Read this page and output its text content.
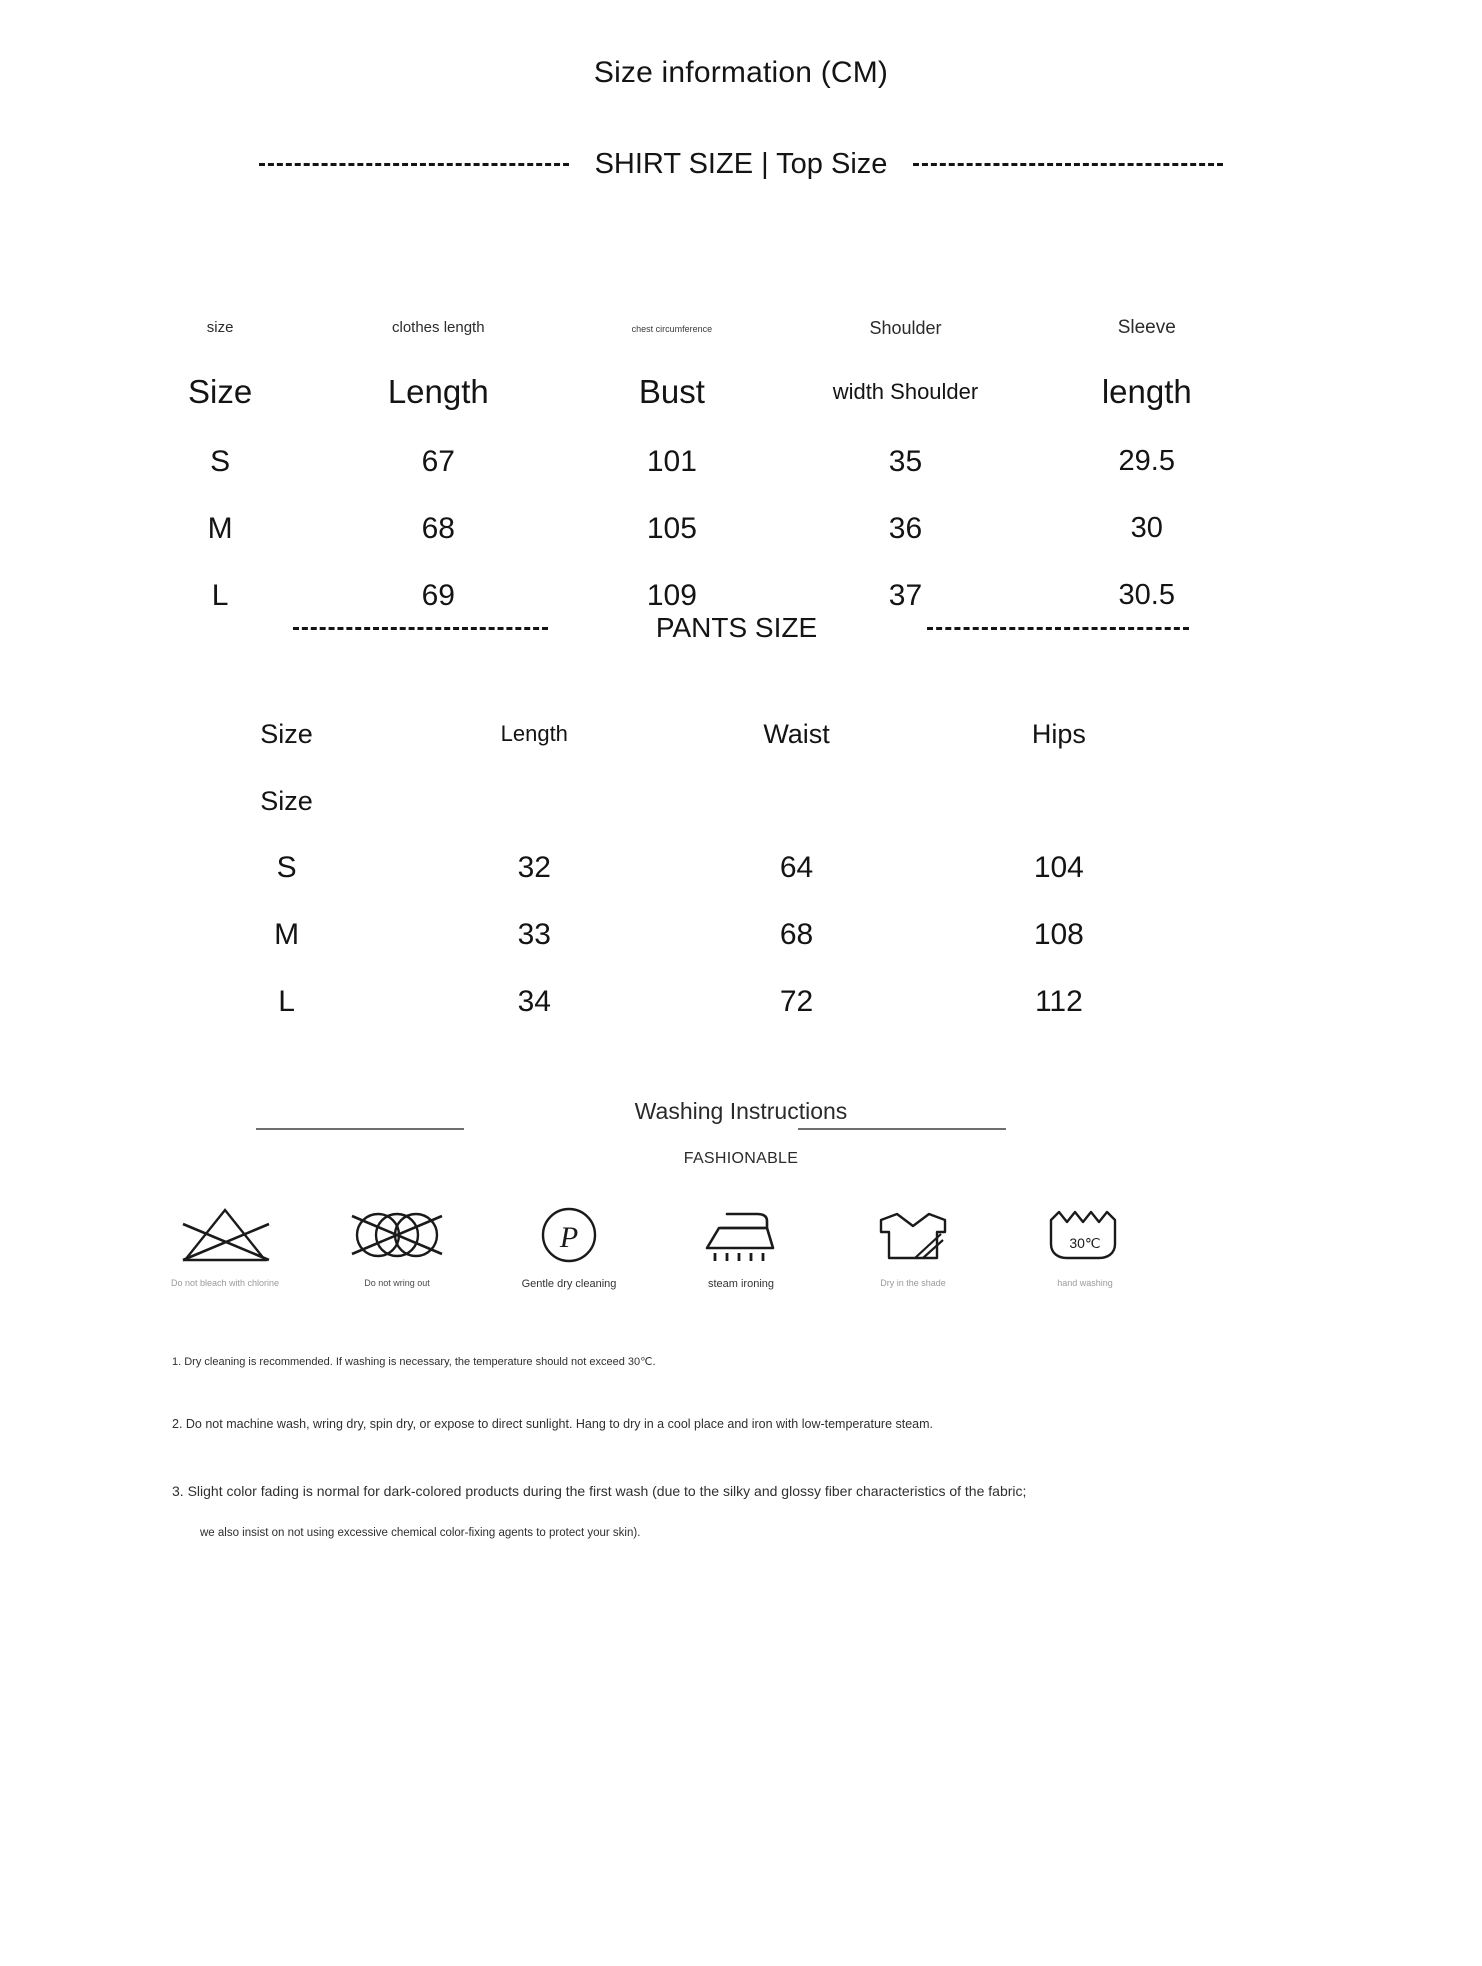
Size information (CM)
SHIRT SIZE | Top Size
size	clothes length	chest circumference	Shoulder	Sleeve
Size	Length	Bust	width Shoulder	length
S	67	101	35	29.5
M	68	105	36	30
L	69	109	37	30.5
PANTS SIZE
Size	Length	Waist	Hips
Size			
S	32	64	104
M	33	68	108
L	34	72	112
Washing Instructions
FASHIONABLE
Do not bleach with chlorine	Do not wring out
P
Gentle dry cleaning	steam ironing	Dry in the shade
30℃
hand washing
1. Dry cleaning is recommended. If washing is necessary, the temperature should not exceed 30℃.
2. Do not machine wash, wring dry, spin dry, or expose to direct sunlight. Hang to dry in a cool place and iron with low-temperature steam.
3. Slight color fading is normal for dark-colored products during the first wash (due to the silky and glossy fiber characteristics of the fabric;
we also insist on not using excessive chemical color-fixing agents to protect your skin).
